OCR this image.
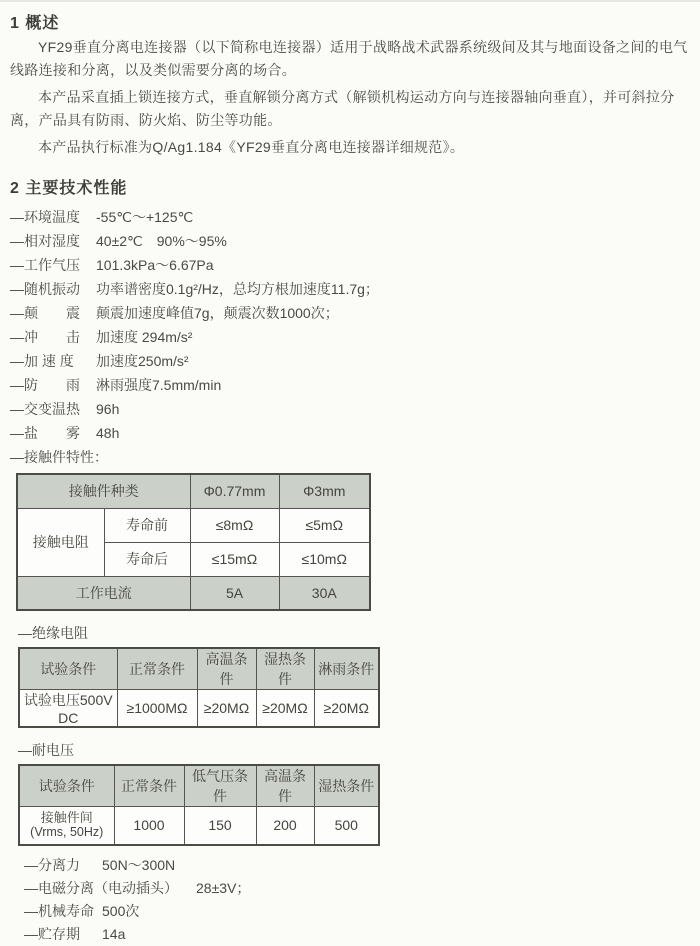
1 概述

YF29垂直分离电连接器（以下简称电连接器）适用于战略战术武器系统级间及其与地面设备之间的电气线路连接和分离，以及类似需要分离的场合。

本产品采直插上锁连接方式，垂直解锁分离方式（解锁机构运动方向与连接器轴向垂直），并可斜拉分离，产品具有防雨、防火焰、防尘等功能。

本产品执行标准为Q/Ag1.184《YF29垂直分离电连接器详细规范》。

2 主要技术性能
—环境温度	-55℃～+125℃
—相对湿度	40±2℃　90%～95%
—工作气压	101.3kPa～6.67Pa
—随机振动	功率谱密度0.1g²/Hz，总均方根加速度11.7g；
—颠　　震	颠震加速度峰值7g，颠震次数1000次；
—冲　　击	加速度 294m/s²
—加 速 度	加速度250m/s²
—防　　雨	淋雨强度7.5mm/min
—交变温热	96h
—盐　　雾	48h
—接触件特性：
接触件种类		Φ0.77mm	Φ3mm
接触电阻	寿命前	≤8mΩ	≤5mΩ
	寿命后	≤15mΩ	≤10mΩ
工作电流		5A	30A
—绝缘电阻
试验条件	正常条件	高温条件	湿热条件	淋雨条件
试验电压500V DC	≥1000MΩ	≥20MΩ	≥20MΩ	≥20MΩ
—耐电压
试验条件	正常条件	低气压条件	高温条件	湿热条件

接触件间
(Vrms, 50Hz)	1000	150	200	500
—分离力	50N～300N
—电磁分离（电动插头） 28±3V；
—机械寿命 500次
—贮存期	14a
